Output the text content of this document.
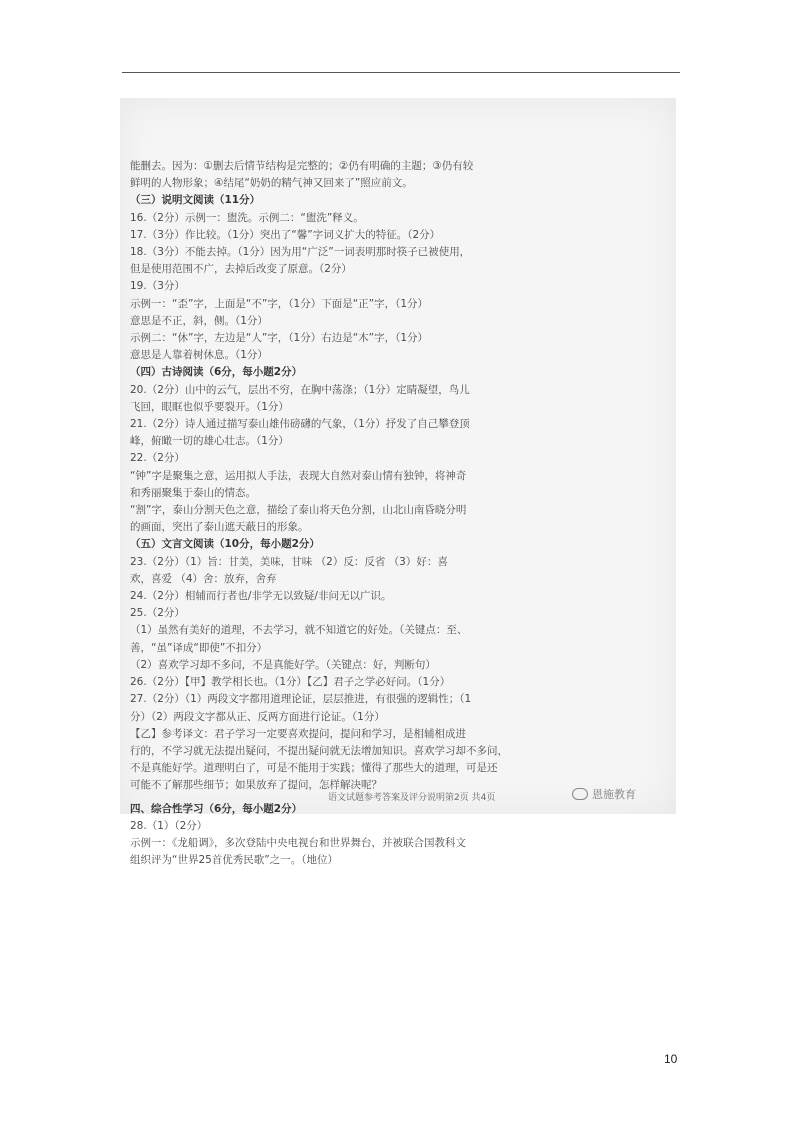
能删去。因为：①删去后情节结构是完整的；②仍有明确的主题；③仍有较

鲜明的人物形象；④结尾“奶奶的精气神又回来了”照应前文。

（三）说明文阅读（11分）

16.（2分）示例一：盥洗。示例二：“盥洗”释义。

17.（3分）作比较。（1分）突出了“馨”字词义扩大的特征。（2分）

18.（3分）不能去掉。（1分）因为用“广泛”一词表明那时筷子已被使用，

但是使用范围不广，去掉后改变了原意。（2分）

19.（3分）

示例一：“歪”字，上面是“不”字，（1分）下面是“正”字，（1分）

意思是不正，斜，侧。（1分）

示例二：“休”字，左边是“人”字，（1分）右边是“木”字，（1分）

意思是人靠着树休息。（1分）

（四）古诗阅读（6分，每小题2分）

20.（2分）山中的云气，层出不穷，在胸中荡涤；（1分）定睛凝望，鸟儿

飞回，眼眶也似乎要裂开。（1分）

21.（2分）诗人通过描写泰山雄伟磅礴的气象，（1分）抒发了自己攀登顶

峰，俯瞰一切的雄心壮志。（1分）

22.（2分）

“钟”字是聚集之意，运用拟人手法，表现大自然对泰山情有独钟，将神奇

和秀丽聚集于泰山的情态。

“割”字，泰山分割天色之意，描绘了泰山将天色分割，山北山南昏晓分明

的画面，突出了泰山遮天蔽日的形象。

（五）文言文阅读（10分，每小题2分）

23.（2分）（1）旨：甘美，美味，甘味 （2）反：反省 （3）好：喜

欢，喜爱 （4）舍：放弃，舍弃

24.（2分）相辅而行者也/非学无以致疑/非问无以广识。

25.（2分）

（1）虽然有美好的道理，不去学习，就不知道它的好处。（关键点：至、

善，“虽”译成“即使”不扣分）

（2）喜欢学习却不多问，不是真能好学。（关键点：好，判断句）

26.（2分）【甲】教学相长也。（1分）【乙】君子之学必好问。（1分）

27.（2分）（1）两段文字都用道理论证，层层推进，有很强的逻辑性；（1

分）（2）两段文字都从正、反两方面进行论证。（1分）

【乙】参考译文：君子学习一定要喜欢提问，提问和学习，是相辅相成进

行的，不学习就无法提出疑问，不提出疑问就无法增加知识。喜欢学习却不多问，

不是真能好学。道理明白了，可是不能用于实践；懂得了那些大的道理，可是还

可能不了解那些细节；如果放弃了提问，怎样解决呢？

四、综合性学习（6分，每小题2分）

28.（1）（2分）

示例一：《龙船调》，多次登陆中央电视台和世界舞台，并被联合国教科文

组织评为“世界25首优秀民歌”之一。（地位）

语文试题参考答案及评分说明第2页 共4页	恩施教育
10
